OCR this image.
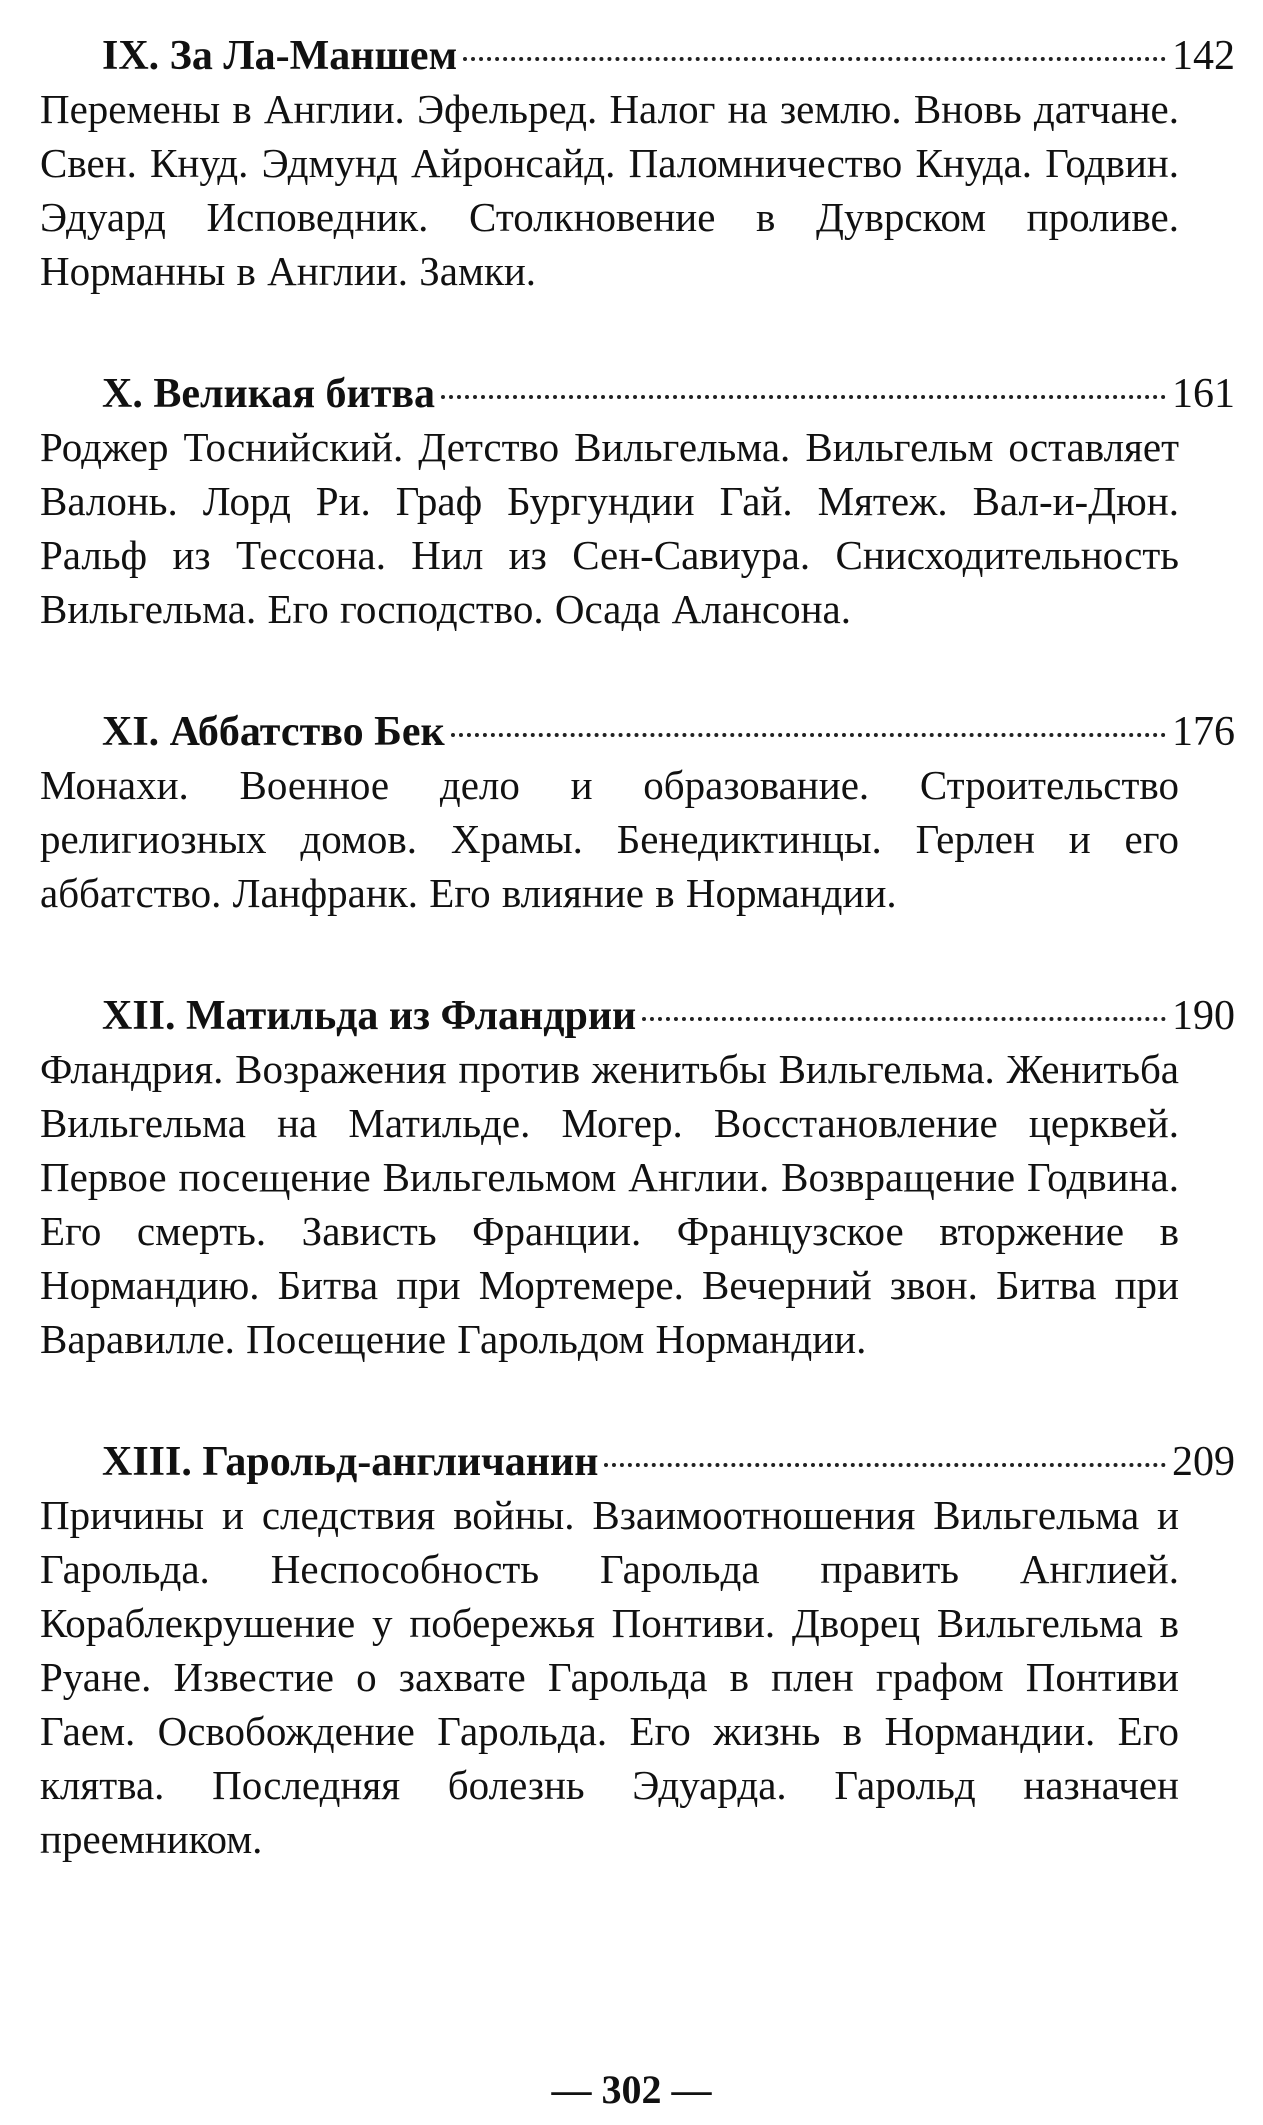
IX. За Ла-Маншем	142

Перемены в Англии. Эфельред. Налог на землю. Вновь датчане. Свен. Кнуд. Эдмунд Айронсайд. Паломничество Кнуда. Годвин. Эдуард Исповедник. Столкновение в Дуврском проливе. Норманны в Англии. Замки.

X. Великая битва	161

Роджер Тоснийский. Детство Вильгельма. Вильгельм оставляет Валонь. Лорд Ри. Граф Бургундии Гай. Мятеж. Вал-и-Дюн. Ральф из Тессона. Нил из Сен-Савиура. Снисходительность Вильгельма. Его господство. Осада Алансона.

XI. Аббатство Бек	176

Монахи. Военное дело и образование. Строительство религиозных домов. Храмы. Бенедиктинцы. Герлен и его аббатство. Ланфранк. Его влияние в Нормандии.

XII. Матильда из Фландрии	190

Фландрия. Возражения против женитьбы Вильгельма. Женитьба Вильгельма на Матильде. Могер. Восстановление церквей. Первое посещение Вильгельмом Англии. Возвращение Годвина. Его смерть. Зависть Франции. Французское вторжение в Нормандию. Битва при Мортемере. Вечерний звон. Битва при Варавилле. Посещение Гарольдом Нормандии.

XIII. Гарольд-англичанин	209

Причины и следствия войны. Взаимоотношения Вильгельма и Гарольда. Неспособность Гарольда править Англией. Кораблекрушение у побережья Понтиви. Дворец Вильгельма в Руане. Известие о захвате Гарольда в плен графом Понтиви Гаем. Освобождение Гарольда. Его жизнь в Нормандии. Его клятва. Последняя болезнь Эдуарда. Гарольд назначен преемником.

— 302 —
